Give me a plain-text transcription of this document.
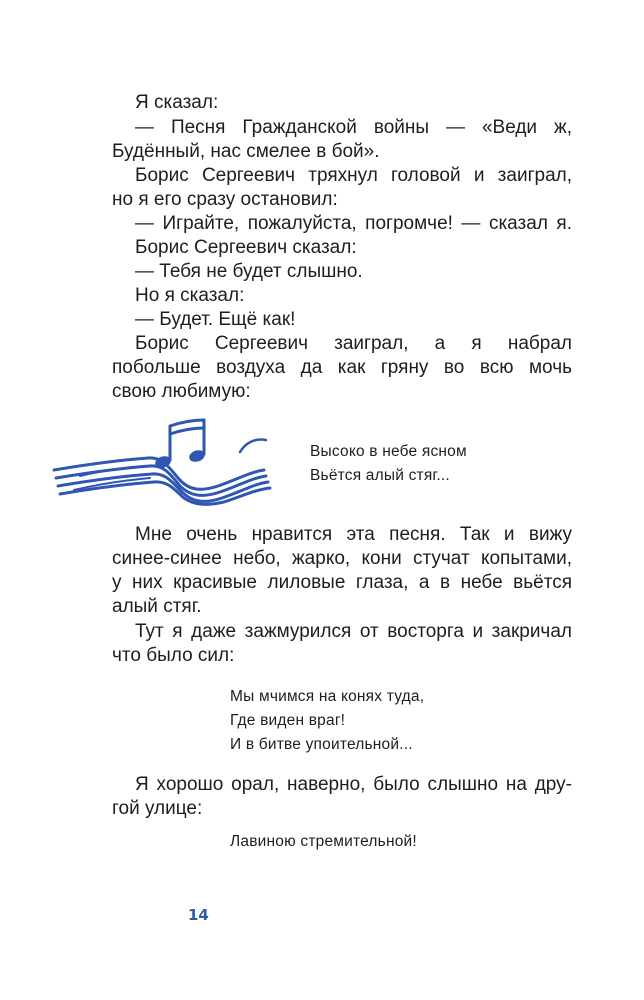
Я сказал:
— Песня Гражданской войны — «Веди ж,
Будённый, нас смелее в бой».
Борис Сергеевич тряхнул головой и заиграл,
но я его сразу остановил:
— Играйте, пожалуйста, погромче! — сказал я.
Борис Сергеевич сказал:
— Тебя не будет слышно.
Но я сказал:
— Будет. Ещё как!
Борис Сергеевич заиграл, а я набрал
побольше воздуха да как гряну во всю мочь
свою любимую:
Высоко в небе ясном
Вьётся алый стяг...
Мне очень нравится эта песня. Так и вижу
синее-синее небо, жарко, кони стучат копытами,
у них красивые лиловые глаза, а в небе вьётся
алый стяг.
Тут я даже зажмурился от восторга и закричал
что было сил:
Мы мчимся на конях туда,
Где виден враг!
И в битве упоительной...
Я хорошо орал, наверно, было слышно на дру-
гой улице:
Лавиною стремительной!
14
